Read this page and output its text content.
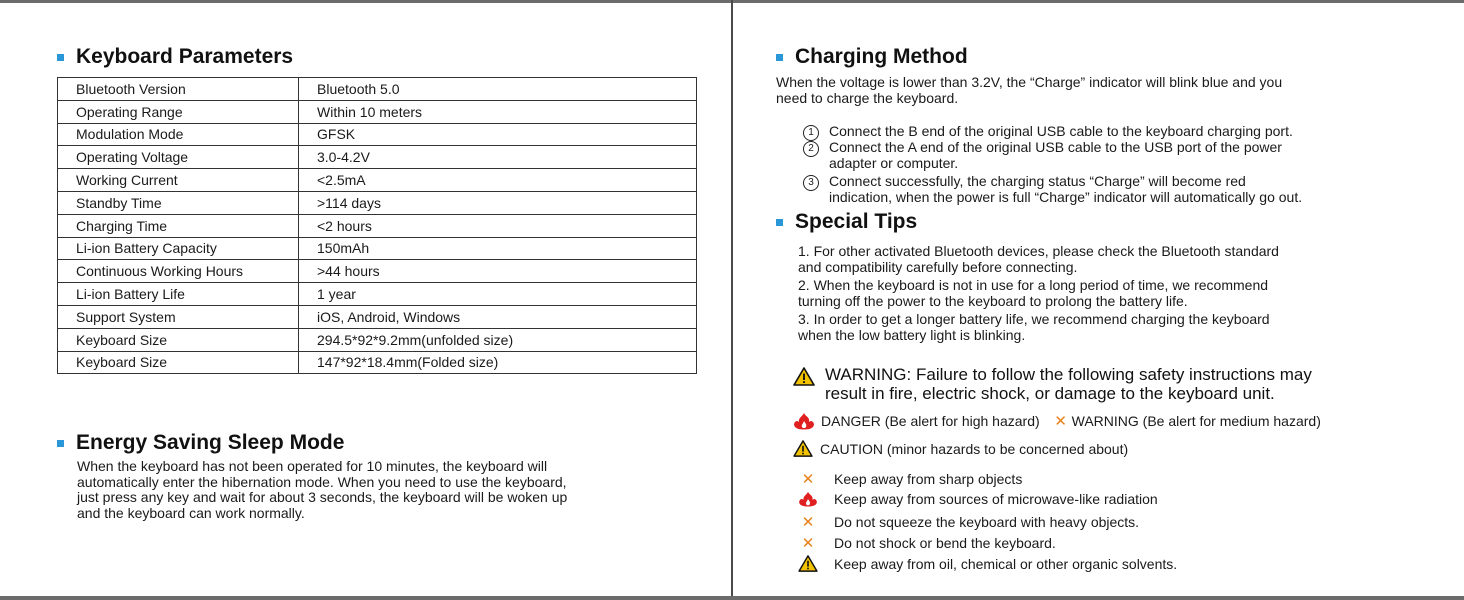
Keyboard Parameters
Bluetooth Version	Bluetooth 5.0
Operating Range	Within 10 meters
Modulation Mode	GFSK
Operating Voltage	3.0-4.2V
Working Current	<2.5mA
Standby Time	>114 days
Charging Time	<2 hours
Li-ion Battery Capacity	150mAh
Continuous Working Hours	>44 hours
Li-ion Battery Life	1 year
Support System	iOS, Android, Windows
Keyboard Size	294.5*92*9.2mm(unfolded size)
Keyboard Size	147*92*18.4mm(Folded size)
Energy Saving Sleep Mode
When the keyboard has not been operated for 10 minutes, the keyboard will
automatically enter the hibernation mode. When you need to use the keyboard,
just press any key and wait for about 3 seconds, the keyboard will be woken up
and the keyboard can work normally.
Charging Method
When the voltage is lower than 3.2V, the “Charge” indicator will blink blue and you
need to charge the keyboard.
1	Connect the B end of the original USB cable to the keyboard charging port.
2	Connect the A end of the original USB cable to the USB port of the power
adapter or computer.
3	Connect successfully, the charging status “Charge” will become red
indication, when the power is full “Charge” indicator will automatically go out.
Special Tips
1. For other activated Bluetooth devices, please check the Bluetooth standard
and compatibility carefully before connecting.
2. When the keyboard is not in use for a long period of time, we recommend
turning off the power to the keyboard to prolong the battery life.
3. In order to get a longer battery life, we recommend charging the keyboard
when the low battery light is blinking.
WARNING: Failure to follow the following safety instructions may
result in fire, electric shock, or damage to the keyboard unit.
DANGER (Be alert for high hazard) ✕ WARNING (Be alert for medium hazard)
CAUTION (minor hazards to be concerned about)
✕	Keep away from sharp objects
Keep away from sources of microwave-like radiation
✕	Do not squeeze the keyboard with heavy objects.
✕	Do not shock or bend the keyboard.
Keep away from oil, chemical or other organic solvents.
